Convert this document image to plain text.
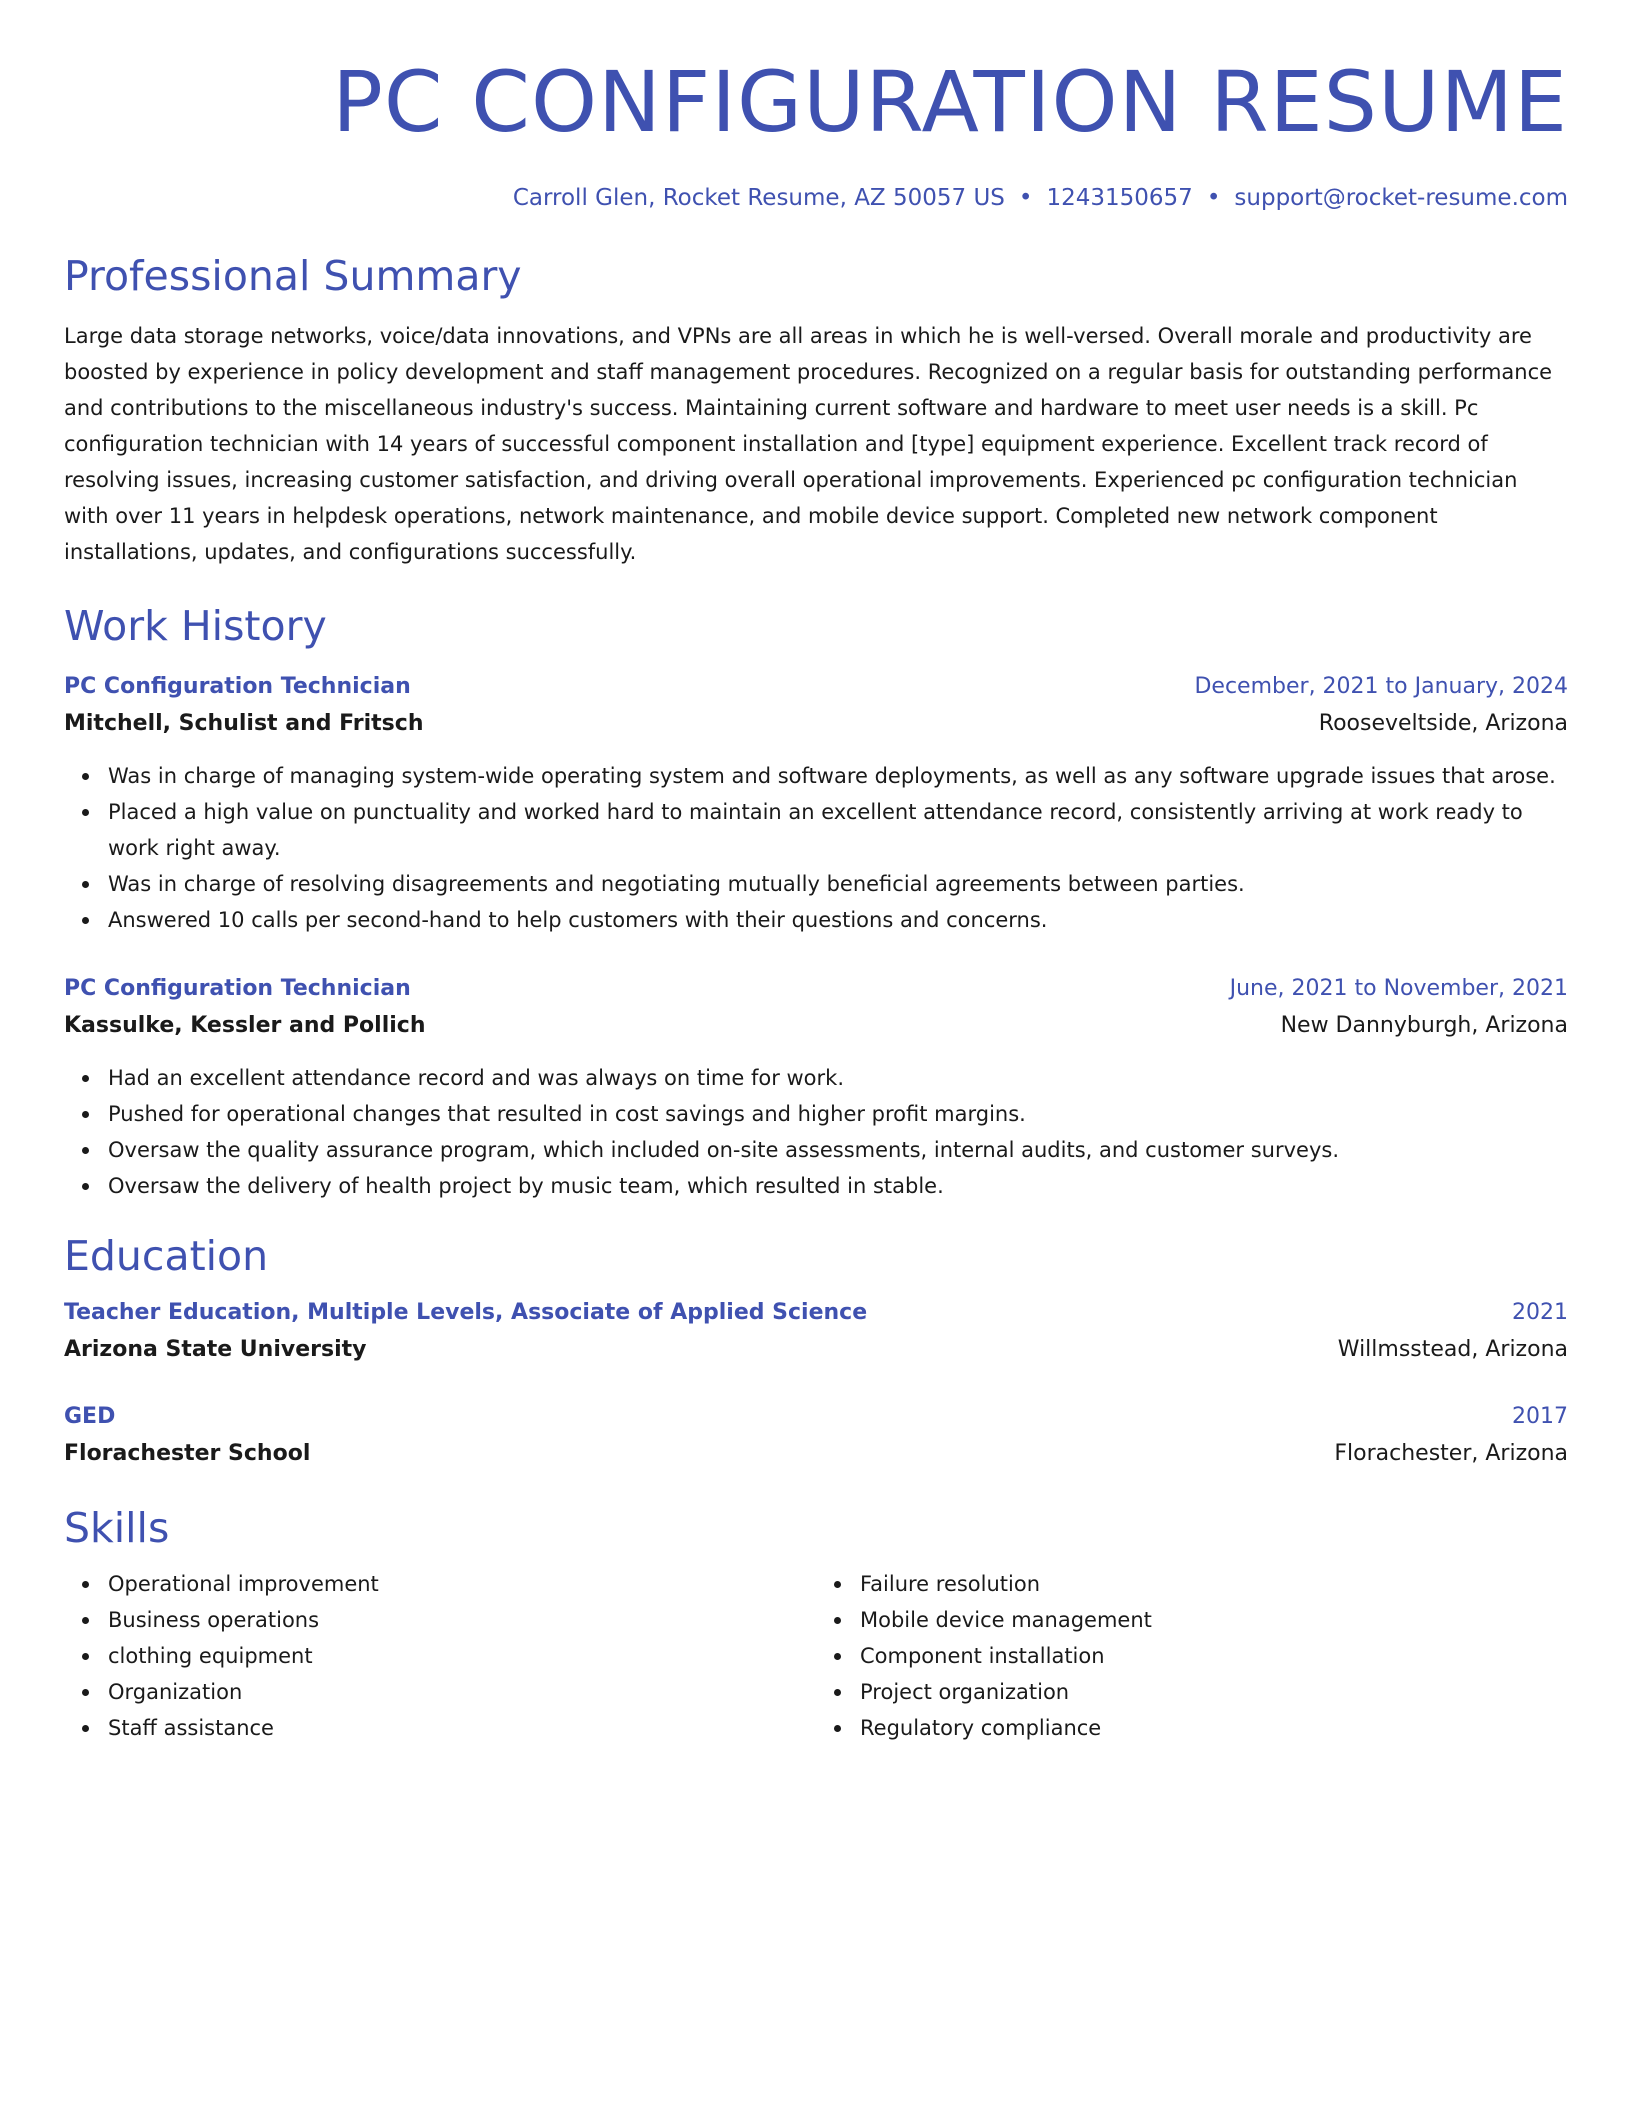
PC CONFIGURATION RESUME
Carroll Glen, Rocket Resume, AZ 50057 US • 1243150657 • support@rocket-resume.com
Professional Summary
Large data storage networks, voice/data innovations, and VPNs are all areas in which he is well-versed. Overall morale and productivity are boosted by experience in policy development and staff management procedures. Recognized on a regular basis for outstanding performance and contributions to the miscellaneous industry's success. Maintaining current software and hardware to meet user needs is a skill. Pc configuration technician with 14 years of successful component installation and [type] equipment experience. Excellent track record of resolving issues, increasing customer satisfaction, and driving overall operational improvements. Experienced pc configuration technician with over 11 years in helpdesk operations, network maintenance, and mobile device support. Completed new network component installations, updates, and configurations successfully.
Work History
PC Configuration Technician	December, 2021 to January, 2024
Mitchell, Schulist and Fritsch	Rooseveltside, Arizona
Was in charge of managing system-wide operating system and software deployments, as well as any software upgrade issues that arose.
Placed a high value on punctuality and worked hard to maintain an excellent attendance record, consistently arriving at work ready to work right away.
Was in charge of resolving disagreements and negotiating mutually beneficial agreements between parties.
Answered 10 calls per second-hand to help customers with their questions and concerns.
PC Configuration Technician	June, 2021 to November, 2021
Kassulke, Kessler and Pollich	New Dannyburgh, Arizona
Had an excellent attendance record and was always on time for work.
Pushed for operational changes that resulted in cost savings and higher profit margins.
Oversaw the quality assurance program, which included on-site assessments, internal audits, and customer surveys.
Oversaw the delivery of health project by music team, which resulted in stable.
Education
Teacher Education, Multiple Levels, Associate of Applied Science	2021
Arizona State University	Willmsstead, Arizona
GED	2017
Florachester School	Florachester, Arizona
Skills
Operational improvement
Business operations
clothing equipment
Organization
Staff assistance
Failure resolution
Mobile device management
Component installation
Project organization
Regulatory compliance
